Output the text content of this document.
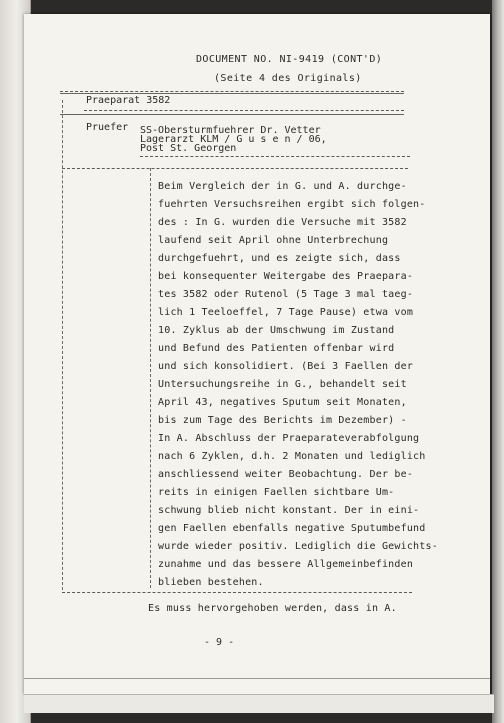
DOCUMENT NO. NI-9419 (CONT'D)
(Seite 4 des Originals)
Praeparat 3582
Pruefer SS-Obersturmfuehrer Dr. Vetter
Lagerarzt KLM / G u s e n / 06,
Post St. Georgen
Beim Vergleich der in G. und A. durchge-
fuehrten Versuchsreihen ergibt sich folgen-
des : In G. wurden die Versuche mit 3582
laufend seit April ohne Unterbrechung
durchgefuehrt, und es zeigte sich, dass
bei konsequenter Weitergabe des Praepara-
tes 3582 oder Rutenol (5 Tage 3 mal taeg-
lich 1 Teeloeffel, 7 Tage Pause) etwa vom
10. Zyklus ab der Umschwung im Zustand
und Befund des Patienten offenbar wird
und sich konsolidiert. (Bei 3 Faellen der
Untersuchungsreihe in G., behandelt seit
April 43, negatives Sputum seit Monaten,
bis zum Tage des Berichts im Dezember) -
In A. Abschluss der Praeparateverabfolgung
nach 6 Zyklen, d.h. 2 Monaten und lediglich
anschliessend weiter Beobachtung. Der be-
reits in einigen Faellen sichtbare Um-
schwung blieb nicht konstant. Der in eini-
gen Faellen ebenfalls negative Sputumbefund
wurde wieder positiv. Lediglich die Gewichts-
zunahme und das bessere Allgemeinbefinden
blieben bestehen.
Es muss hervorgehoben werden, dass in A.
- 9 -
